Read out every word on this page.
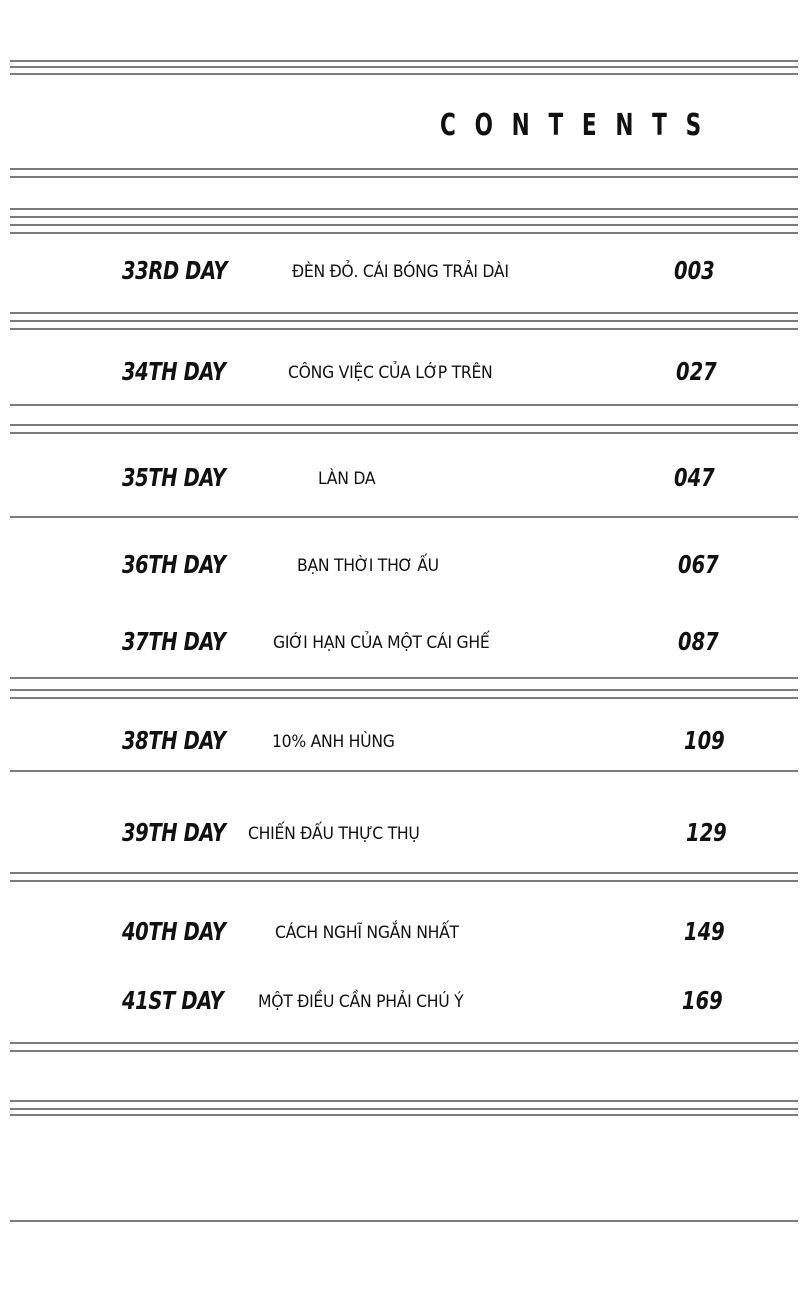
CONTENTS
33RD DAY	ĐÈN ĐỎ. CÁI BÓNG TRẢI DÀI	003
34TH DAY	CÔNG VIỆC CỦA LỚP TRÊN	027
35TH DAY	LÀN DA	047
36TH DAY	BẠN THỜI THƠ ẤU	067
37TH DAY	GIỚI HẠN CỦA MỘT CÁI GHẾ	087
38TH DAY	10% ANH HÙNG	109
39TH DAY CHIẾN ĐẤU THỰC THỤ	129
40TH DAY	CÁCH NGHĨ NGẮN NHẤT	149
41ST DAY MỘT ĐIỀU CẦN PHẢI CHÚ Ý	169
